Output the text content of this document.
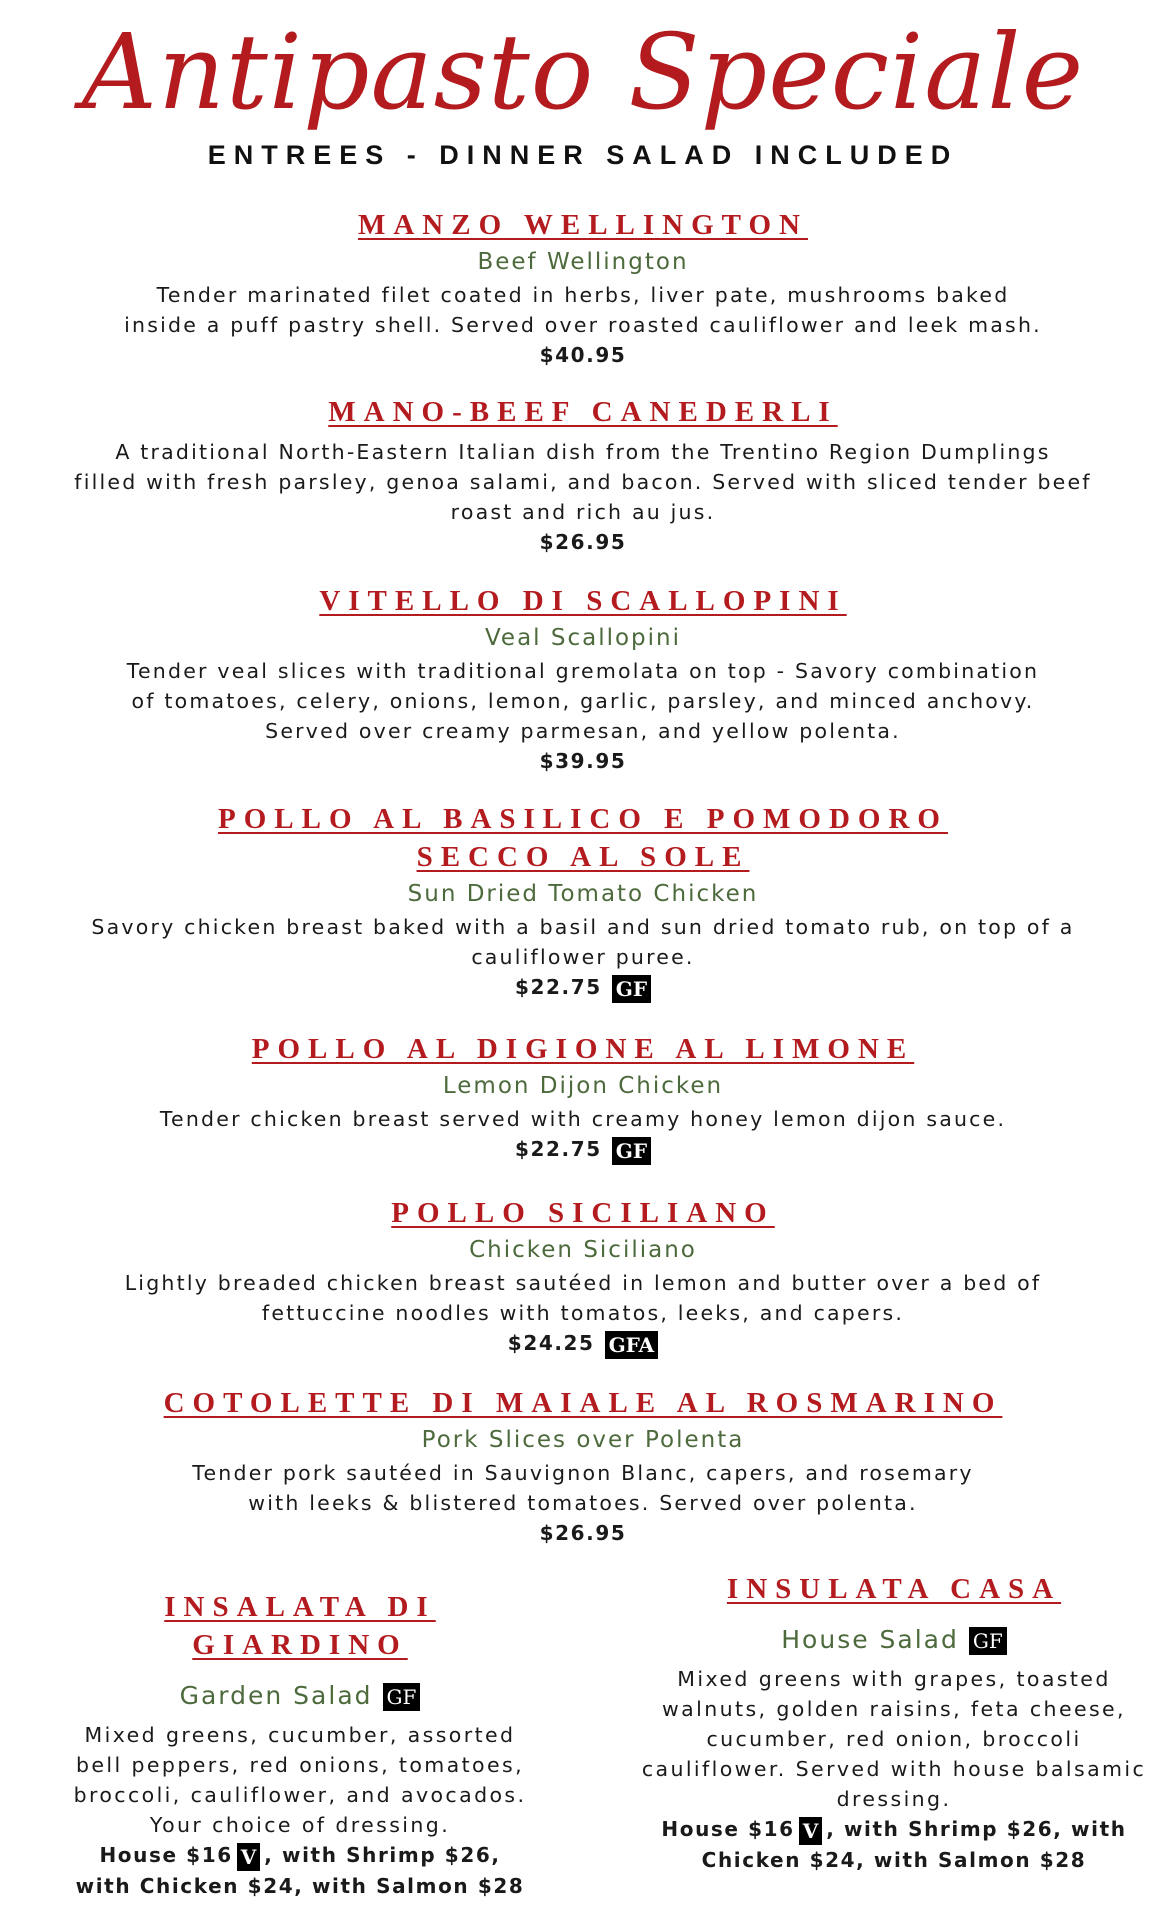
Antipasto Speciale
ENTREES - DINNER SALAD INCLUDED
MANZO WELLINGTON
Beef Wellington
Tender marinated filet coated in herbs, liver pate, mushrooms baked
inside a puff pastry shell. Served over roasted cauliflower and leek mash.
$40.95
MANO-BEEF CANEDERLI
A traditional North-Eastern Italian dish from the Trentino Region Dumplings
filled with fresh parsley, genoa salami, and bacon. Served with sliced tender beef
roast and rich au jus.
$26.95
VITELLO DI SCALLOPINI
Veal Scallopini
Tender veal slices with traditional gremolata on top - Savory combination
of tomatoes, celery, onions, lemon, garlic, parsley, and minced anchovy.
Served over creamy parmesan, and yellow polenta.
$39.95
POLLO AL BASILICO E POMODORO
SECCO AL SOLE
Sun Dried Tomato Chicken
Savory chicken breast baked with a basil and sun dried tomato rub, on top of a
cauliflower puree.
$22.75 GF
POLLO AL DIGIONE AL LIMONE
Lemon Dijon Chicken
Tender chicken breast served with creamy honey lemon dijon sauce.
$22.75 GF
POLLO SICILIANO
Chicken Siciliano
Lightly breaded chicken breast sautéed in lemon and butter over a bed of
fettuccine noodles with tomatos, leeks, and capers.
$24.25 GFA
COTOLETTE DI MAIALE AL ROSMARINO
Pork Slices over Polenta
Tender pork sautéed in Sauvignon Blanc, capers, and rosemary
with leeks & blistered tomatoes. Served over polenta.
$26.95
INSALATA DI GIARDINO
Garden Salad GF
Mixed greens, cucumber, assorted
bell peppers, red onions, tomatoes,
broccoli, cauliflower, and avocados.
Your choice of dressing.
House $16 V , with Shrimp $26,
with Chicken $24, with Salmon $28
INSULATA CASA
House Salad GF
Mixed greens with grapes, toasted
walnuts, golden raisins, feta cheese,
cucumber, red onion, broccoli
cauliflower. Served with house balsamic
dressing.
House $16 V , with Shrimp $26, with
Chicken $24, with Salmon $28
